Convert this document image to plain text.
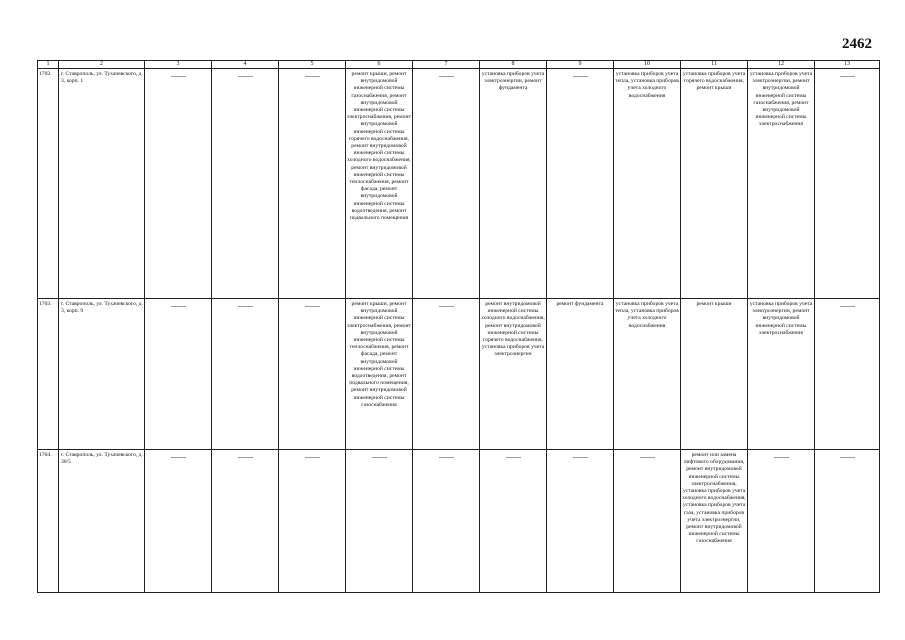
2462
1	2	3	4	5	6	7	8	9	10	11	12	13
1702.	г. Ставрополь, ул. Тухачевского, д. 3, корп. 1	——	——	——	ремонт крыши, ремонт внутридомовой инженерной системы газоснабжения, ремонт внутридомовой инженерной системы электроснабжения, ремонт внутридомовой инженерной системы горячего водоснабжения, ремонт внутридомовой инженерной системы холодного водоснабжения, ремонт внутридомовой инженерной системы теплоснабжения, ремонт фасада, ремонт внутридомовой инженерной системы водоотведения, ремонт подвального помещения	——	установка приборов учета электроэнергии, ремонт фундамента	——	установка приборов учета тепла, установка приборов учета холодного водоснабжения	установка приборов учета горячего водоснабжения, ремонт крыши	установка приборов учета электроэнергии, ремонт внутридомовой инженерной системы газоснабжения, ремонт внутридомовой инженерной системы электроснабжения	——

1703.	г. Ставрополь, ул. Тухачевского, д. 3, корп. 9	——	——	——	ремонт крыши, ремонт внутридомовой инженерной системы электроснабжения, ремонт внутридомовой инженерной системы теплоснабжения, ремонт фасада, ремонт внутридомовой инженерной системы водоотведения, ремонт подвального помещения, ремонт внутридомовой инженерной системы газоснабжения	——	ремонт внутридомовой инженерной системы холодного водоснабжения, ремонт внутридомовой инженерной системы горячего водоснабжения, установка приборов учета электроэнергии	ремонт фундамента	установка приборов учета тепла, установка приборов учета холодного водоснабжения	ремонт крыши	установка приборов учета электроэнергии, ремонт внутридомовой инженерной системы электроснабжения	——

1704.	г. Ставрополь, ул. Тухачевского, д. 30/5	——	——	——	——	——	——	——	——	ремонт или замена лифтового оборудования, ремонт внутридомовой инженерной системы электроснабжения, установка приборов учета холодного водоснабжения, установка приборов учета газа, установка приборов учета электроэнергии, ремонт внутридомовой инженерной системы газоснабжения	——	——
